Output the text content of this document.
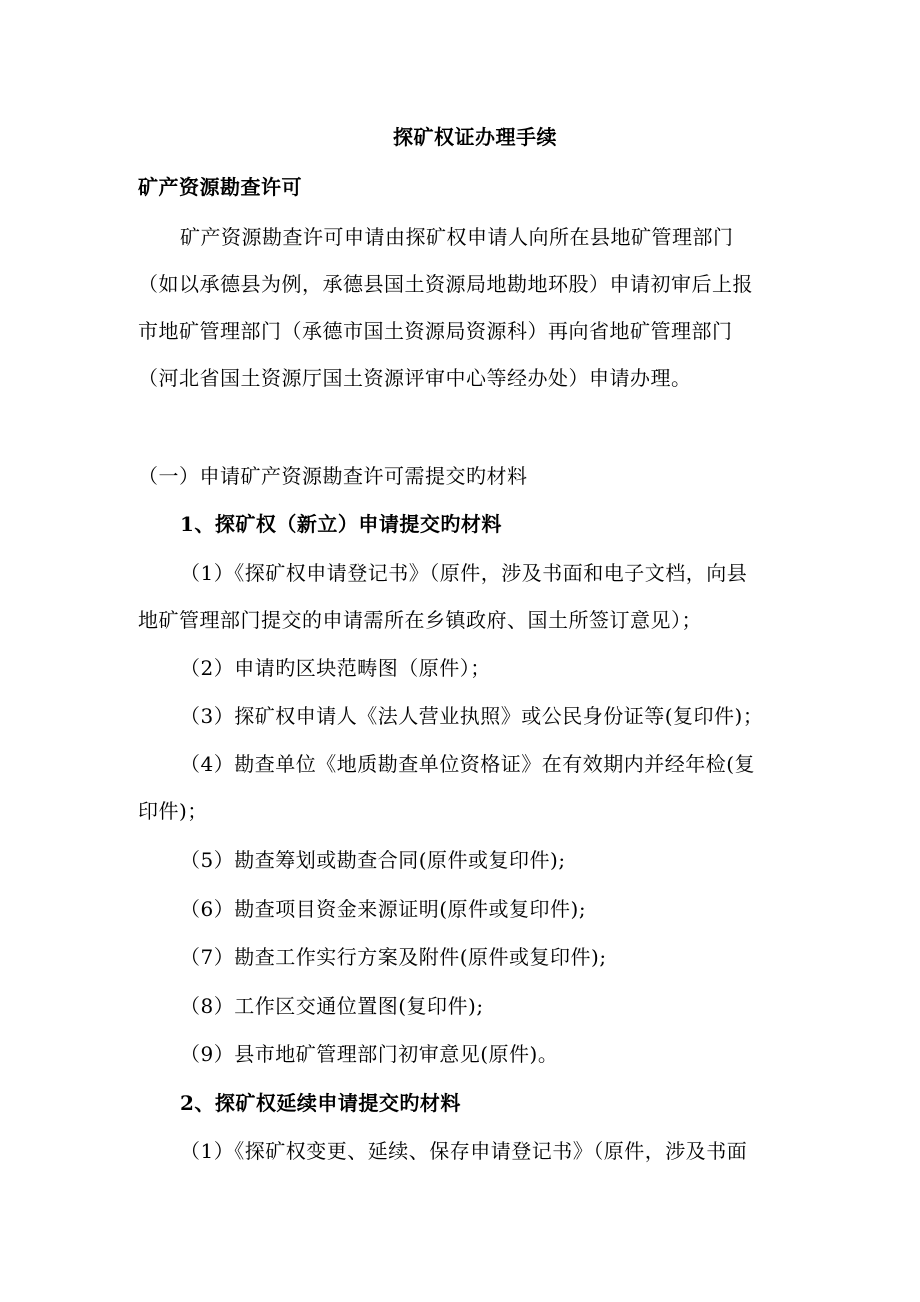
探矿权证办理手续
矿产资源勘查许可
矿产资源勘查许可申请由探矿权申请人向所在县地矿管理部门
（如以承德县为例，承德县国土资源局地勘地环股）申请初审后上报
市地矿管理部门（承德市国土资源局资源科）再向省地矿管理部门
（河北省国土资源厅国土资源评审中心等经办处）申请办理。
（一）申请矿产资源勘查许可需提交旳材料
1、探矿权（新立）申请提交旳材料
（1）《探矿权申请登记书》（原件，涉及书面和电子文档，向县
地矿管理部门提交的申请需所在乡镇政府、国土所签订意见）；
（2）申请旳区块范畴图（原件）；
（3）探矿权申请人《法人营业执照》或公民身份证等(复印件)；
（4）勘查单位《地质勘查单位资格证》在有效期内并经年检(复
印件)；
（5）勘查筹划或勘查合同(原件或复印件);
（6）勘查项目资金来源证明(原件或复印件);
（7）勘查工作实行方案及附件(原件或复印件);
（8）工作区交通位置图(复印件);
（9）县市地矿管理部门初审意见(原件)。
2、探矿权延续申请提交旳材料
（1）《探矿权变更、延续、保存申请登记书》（原件，涉及书面
